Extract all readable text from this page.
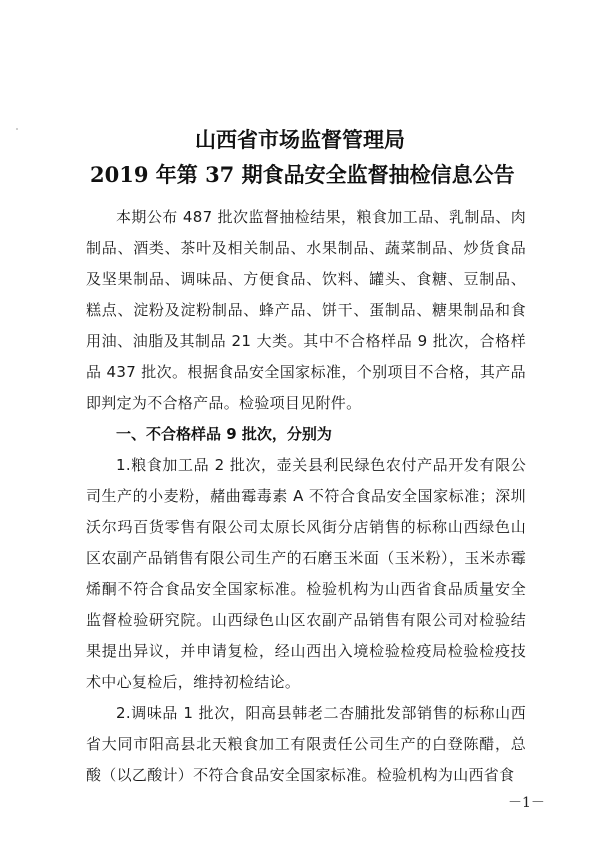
山西省市场监督管理局
2019 年第 37 期食品安全监督抽检信息公告

本期公布 487 批次监督抽检结果，粮食加工品、乳制品、肉制品、酒类、茶叶及相关制品、水果制品、蔬菜制品、炒货食品及坚果制品、调味品、方便食品、饮料、罐头、食糖、豆制品、糕点、淀粉及淀粉制品、蜂产品、饼干、蛋制品、糖果制品和食用油、油脂及其制品 21 大类。其中不合格样品 9 批次，合格样品 437 批次。根据食品安全国家标准，个别项目不合格，其产品即判定为不合格产品。检验项目见附件。

一、不合格样品 9 批次，分别为

1.粮食加工品 2 批次，壶关县利民绿色农付产品开发有限公司生产的小麦粉，赭曲霉毒素 A 不符合食品安全国家标准；深圳沃尔玛百货零售有限公司太原长风街分店销售的标称山西绿色山区农副产品销售有限公司生产的石磨玉米面（玉米粉），玉米赤霉烯酮不符合食品安全国家标准。检验机构为山西省食品质量安全监督检验研究院。山西绿色山区农副产品销售有限公司对检验结果提出异议，并申请复检，经山西出入境检验检疫局检验检疫技术中心复检后，维持初检结论。

2.调味品 1 批次，阳高县韩老二杏脯批发部销售的标称山西省大同市阳高县北天粮食加工有限责任公司生产的白登陈醋，总酸（以乙酸计）不符合食品安全国家标准。检验机构为山西省食

－1－
